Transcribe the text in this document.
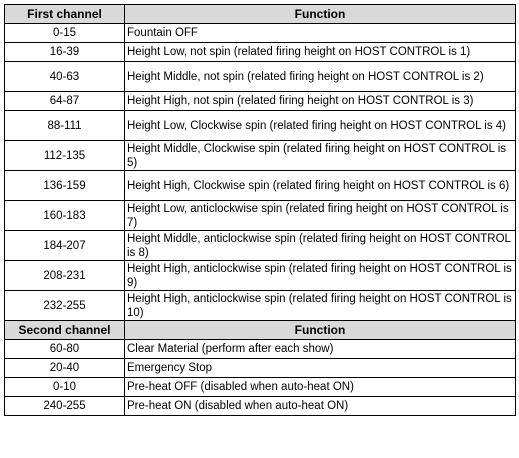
First channel	Function
0-15	Fountain OFF
16-39	Height Low, not spin (related firing height on HOST CONTROL is 1)
40-63	Height Middle, not spin (related firing height on HOST CONTROL is 2)
64-87	Height High, not spin (related firing height on HOST CONTROL is 3)
88-111	Height Low, Clockwise spin (related firing height on HOST CONTROL is 4)
112-135	Height Middle, Clockwise spin (related firing height on HOST CONTROL is 5)
136-159	Height High, Clockwise spin (related firing height on HOST CONTROL is 6)
160-183	Height Low, anticlockwise spin (related firing height on HOST CONTROL is 7)
184-207	Height Middle, anticlockwise spin (related firing height on HOST CONTROL is 8)
208-231	Height High, anticlockwise spin (related firing height on HOST CONTROL is 9)
232-255	Height High, anticlockwise spin (related firing height on HOST CONTROL is 10)
Second channel	Function
60-80	Clear Material (perform after each show)
20-40	Emergency Stop
0-10	Pre-heat OFF (disabled when auto-heat ON)
240-255	Pre-heat ON (disabled when auto-heat ON)
